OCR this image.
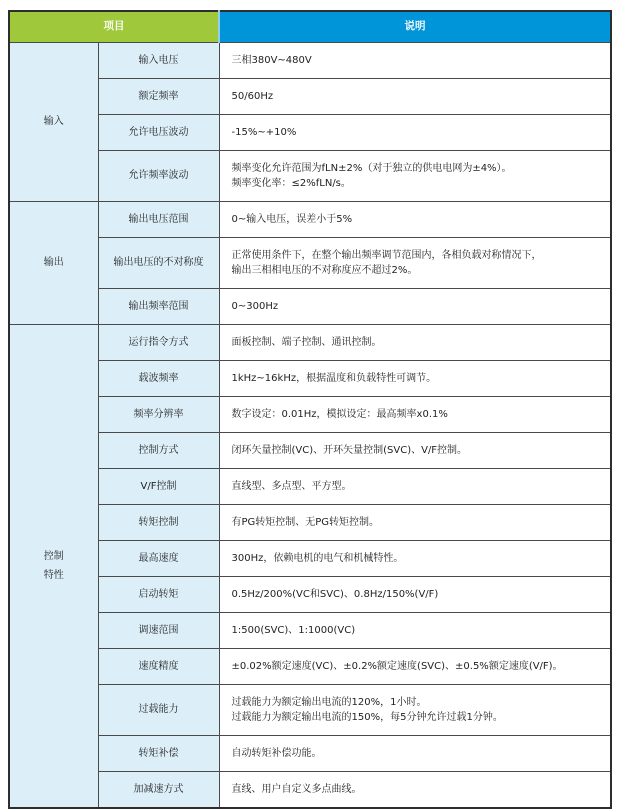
项目		说明
输入	输入电压	三相380V~480V
	额定频率	50/60Hz
	允许电压波动	-15%~+10%
	允许频率波动	频率变化允许范围为fLN±2%（对于独立的供电电网为±4%）。
频率变化率：≤2%fLN/s。
输出	输出电压范围	0~输入电压，误差小于5%
	输出电压的不对称度	正常使用条件下，在整个输出频率调节范围内，各相负载对称情况下，
输出三相相电压的不对称度应不超过2%。
	输出频率范围	0~300Hz
控制
特性	运行指令方式	面板控制、端子控制、通讯控制。
	载波频率	1kHz~16kHz，根据温度和负载特性可调节。
	频率分辨率	数字设定：0.01Hz，模拟设定：最高频率x0.1%
	控制方式	闭环矢量控制(VC)、开环矢量控制(SVC)、V/F控制。
	V/F控制	直线型、多点型、平方型。
	转矩控制	有PG转矩控制、无PG转矩控制。
	最高速度	300Hz，依赖电机的电气和机械特性。
	启动转矩	0.5Hz/200%(VC和SVC)、0.8Hz/150%(V/F)
	调速范围	1:500(SVC)、1:1000(VC)
	速度精度	±0.02%额定速度(VC)、±0.2%额定速度(SVC)、±0.5%额定速度(V/F)。
	过载能力	过载能力为额定输出电流的120%，1小时。
过载能力为额定输出电流的150%，每5分钟允许过载1分钟。
	转矩补偿	自动转矩补偿功能。
	加减速方式	直线、用户自定义多点曲线。
